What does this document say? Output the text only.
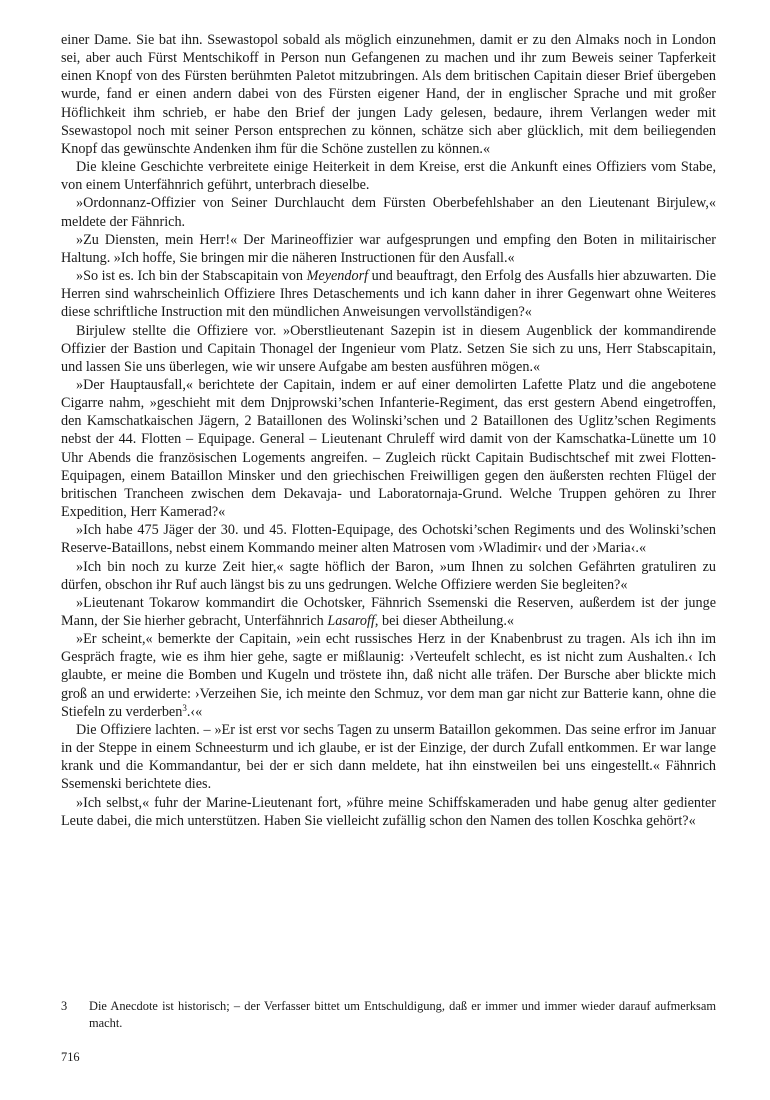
einer Dame. Sie bat ihn. Ssewastopol sobald als möglich einzunehmen, damit er zu den Almaks noch in London sei, aber auch Fürst Mentschikoff in Person nun Gefangenen zu machen und ihr zum Beweis seiner Tapferkeit einen Knopf von des Fürsten berühmten Paletot mitzubringen. Als dem britischen Capitain dieser Brief übergeben wurde, fand er einen andern dabei von des Fürsten eigener Hand, der in englischer Sprache und mit großer Höflichkeit ihm schrieb, er habe den Brief der jungen Lady gelesen, bedaure, ihrem Verlangen weder mit Ssewastopol noch mit seiner Person entsprechen zu können, schätze sich aber glücklich, mit dem beiliegenden Knopf das gewünschte Andenken ihm für die Schöne zustellen zu können.«

Die kleine Geschichte verbreitete einige Heiterkeit in dem Kreise, erst die Ankunft eines Offiziers vom Stabe, von einem Unterfähnrich geführt, unterbrach dieselbe.

»Ordonnanz-Offizier von Seiner Durchlaucht dem Fürsten Oberbefehlshaber an den Lieutenant Birjulew,« meldete der Fähnrich.

»Zu Diensten, mein Herr!« Der Marineoffizier war aufgesprungen und empfing den Boten in militairischer Haltung. »Ich hoffe, Sie bringen mir die näheren Instructionen für den Ausfall.«

»So ist es. Ich bin der Stabscapitain von Meyendorf und beauftragt, den Erfolg des Ausfalls hier abzuwarten. Die Herren sind wahrscheinlich Offiziere Ihres Detaschements und ich kann daher in ihrer Gegenwart ohne Weiteres diese schriftliche Instruction mit den mündlichen Anweisungen vervollständigen?«

Birjulew stellte die Offiziere vor. »Oberstlieutenant Sazepin ist in diesem Augenblick der kommandirende Offizier der Bastion und Capitain Thonagel der Ingenieur vom Platz. Setzen Sie sich zu uns, Herr Stabscapitain, und lassen Sie uns überlegen, wie wir unsere Aufgabe am besten ausführen mögen.«

»Der Hauptausfall,« berichtete der Capitain, indem er auf einer demolirten Lafette Platz und die angebotene Cigarre nahm, »geschieht mit dem Dnjprowski’schen Infanterie-Regiment, das erst gestern Abend eingetroffen, den Kamschatkaischen Jägern, 2 Bataillonen des Wolinski’schen und 2 Bataillonen des Uglitz’schen Regiments nebst der 44. Flotten – Equipage. General – Lieutenant Chruleff wird damit von der Kamschatka-Lünette um 10 Uhr Abends die französischen Logements angreifen. – Zugleich rückt Capitain Budischtschef mit zwei Flotten-Equipagen, einem Bataillon Minsker und den griechischen Freiwilligen gegen den äußersten rechten Flügel der britischen Trancheen zwischen dem Dekavaja- und Laboratornaja-Grund. Welche Truppen gehören zu Ihrer Expedition, Herr Kamerad?«

»Ich habe 475 Jäger der 30. und 45. Flotten-Equipage, des Ochotski’schen Regiments und des Wolinski’schen Reserve-Bataillons, nebst einem Kommando meiner alten Matrosen vom ›Wladimir‹ und der ›Maria‹.«

»Ich bin noch zu kurze Zeit hier,« sagte höflich der Baron, »um Ihnen zu solchen Gefährten gratuliren zu dürfen, obschon ihr Ruf auch längst bis zu uns gedrungen. Welche Offiziere werden Sie begleiten?«

»Lieutenant Tokarow kommandirt die Ochotsker, Fähnrich Ssemenski die Reserven, außerdem ist der junge Mann, der Sie hierher gebracht, Unterfähnrich Lasaroff, bei dieser Abtheilung.«

»Er scheint,« bemerkte der Capitain, »ein echt russisches Herz in der Knabenbrust zu tragen. Als ich ihn im Gespräch fragte, wie es ihm hier gehe, sagte er mißlaunig: ›Verteufelt schlecht, es ist nicht zum Aushalten.‹ Ich glaubte, er meine die Bomben und Kugeln und tröstete ihn, daß nicht alle träfen. Der Bursche aber blickte mich groß an und erwiderte: ›Verzeihen Sie, ich meinte den Schmuz, vor dem man gar nicht zur Batterie kann, ohne die Stiefeln zu verderben$^3$.‹«

Die Offiziere lachten. – »Er ist erst vor sechs Tagen zu unserm Bataillon gekommen. Das seine erfror im Januar in der Steppe in einem Schneesturm und ich glaube, er ist der Einzige, der durch Zufall entkommen. Er war lange krank und die Kommandantur, bei der er sich dann meldete, hat ihn einstweilen bei uns eingestellt.« Fähnrich Ssemenski berichtete dies.

»Ich selbst,« fuhr der Marine-Lieutenant fort, »führe meine Schiffskameraden und habe genug alter gedienter Leute dabei, die mich unterstützen. Haben Sie vielleicht zufällig schon den Namen des tollen Koschka gehört?«

3 Die Anecdote ist historisch; – der Verfasser bittet um Entschuldigung, daß er immer und immer wieder darauf aufmerksam macht.
716
